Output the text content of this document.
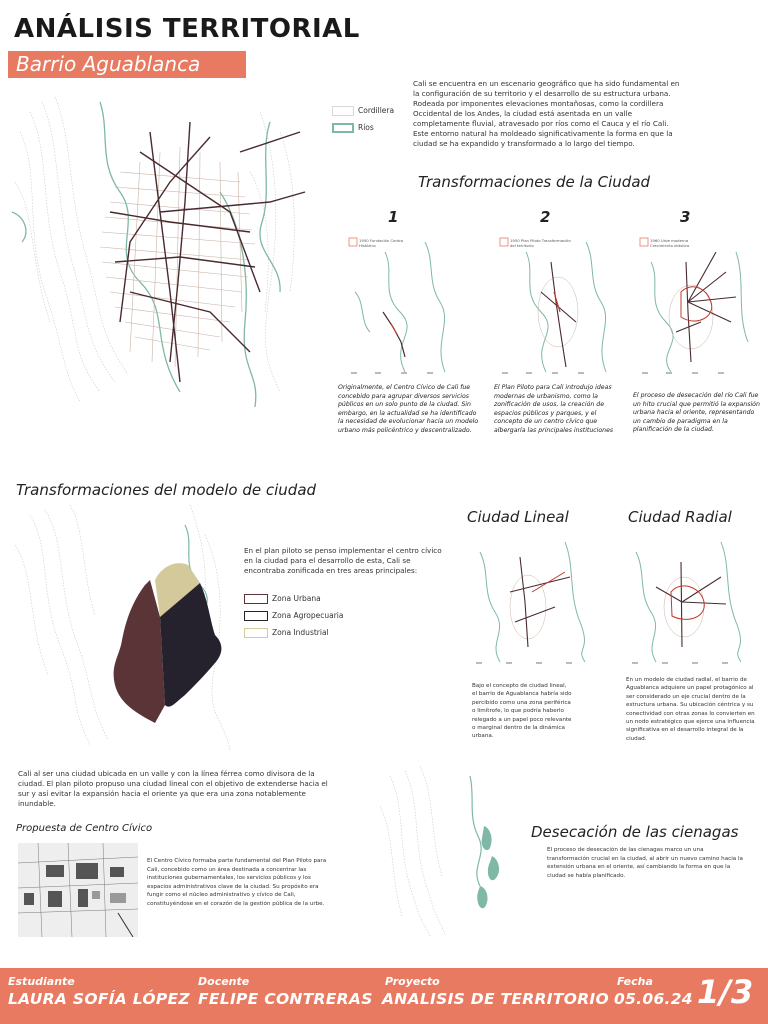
ANÁLISIS TERRITORIAL
Barrio Aguablanca
Cordillera
Ríos
Cali se encuentra en un escenario geográfico que ha sido fundamental en la configuración de su territorio y el desarrollo de su estructura urbana. Rodeada por imponentes elevaciones montañosas, como la cordillera Occidental de los Andes, la ciudad está asentada en un valle completamente fluvial, atravesado por ríos como el Cauca y el río Cali. Este entorno natural ha moldeado significativamente la forma en que la ciudad se ha expandido y transformado a lo largo del tiempo.
Transformaciones de la Ciudad
1	2	3
1950 Fundación Centro Histórico
1950 Plan Piloto Transformación del territorio
1960 Urbe moderna Crecimiento drástico
Originalmente, el Centro Cívico de Cali fue concebido para agrupar diversos servicios públicos en un solo punto de la ciudad. Sin embargo, en la actualidad se ha identificado la necesidad de evolucionar hacia un modelo urbano más policéntrico y descentralizado.
El Plan Piloto para Cali introdujo ideas modernas de urbanismo, como la zonificación de usos, la creación de espacios públicos y parques, y el concepto de un centro cívico que albergaría las principales instituciones
El proceso de desecación del río Cali fue un hito crucial que permitió la expansión urbana hacia el oriente, representando un cambio de paradigma en la planificación de la ciudad.
Transformaciones del modelo de ciudad
En el plan piloto se penso implementar el centro cívico en la ciudad para el desarrollo de esta, Cali se encontraba zonificada en tres areas principales:
Zona Urbana
Zona Agropecuaria
Zona Industrial
Ciudad Lineal	Ciudad Radial
Bajo el concepto de ciudad lineal, el barrio de Aguablanca habría sido percibido como una zona periférica o limítrofe, lo que podría haberlo relegado a un papel poco relevante o marginal dentro de la dinámica urbana.
En un modelo de ciudad radial, el barrio de Aguablanca adquiere un papel protagónico al ser considerado un eje crucial dentro de la estructura urbana. Su ubicación céntrica y su conectividad con otras zonas lo convierten en un nodo estratégico que ejerce una influencia significativa en el desarrollo integral de la ciudad.
Cali al ser una ciudad ubicada en un valle y con la línea férrea como divisora de la ciudad. El plan piloto propuso una ciudad lineal con el objetivo de extenderse hacia el sur y así evitar la expansión hacia el oriente ya que era una zona notablemente inundable.
Propuesta de Centro Cívico
El Centro Cívico formaba parte fundamental del Plan Piloto para Cali, concebido como un área destinada a concentrar las instituciones gubernamentales, los servicios públicos y los espacios administrativos clave de la ciudad. Su propósito era fungir como el núcleo administrativo y cívico de Cali, constituyéndose en el corazón de la gestión pública de la urbe.
Desecación de las cienagas
El proceso de desecación de las cienagas marco un una transformación crucial en la ciudad, al abrir un nuevo camino hacia la extensión urbana en el oriente, así cambiando la forma en que la ciudad se había planificado.
Estudiante
LAURA SOFÍA LÓPEZ
Docente
FELIPE CONTRERAS
Proyecto
ANALISIS DE TERRITORIO
Fecha
05.06.24 1/3
